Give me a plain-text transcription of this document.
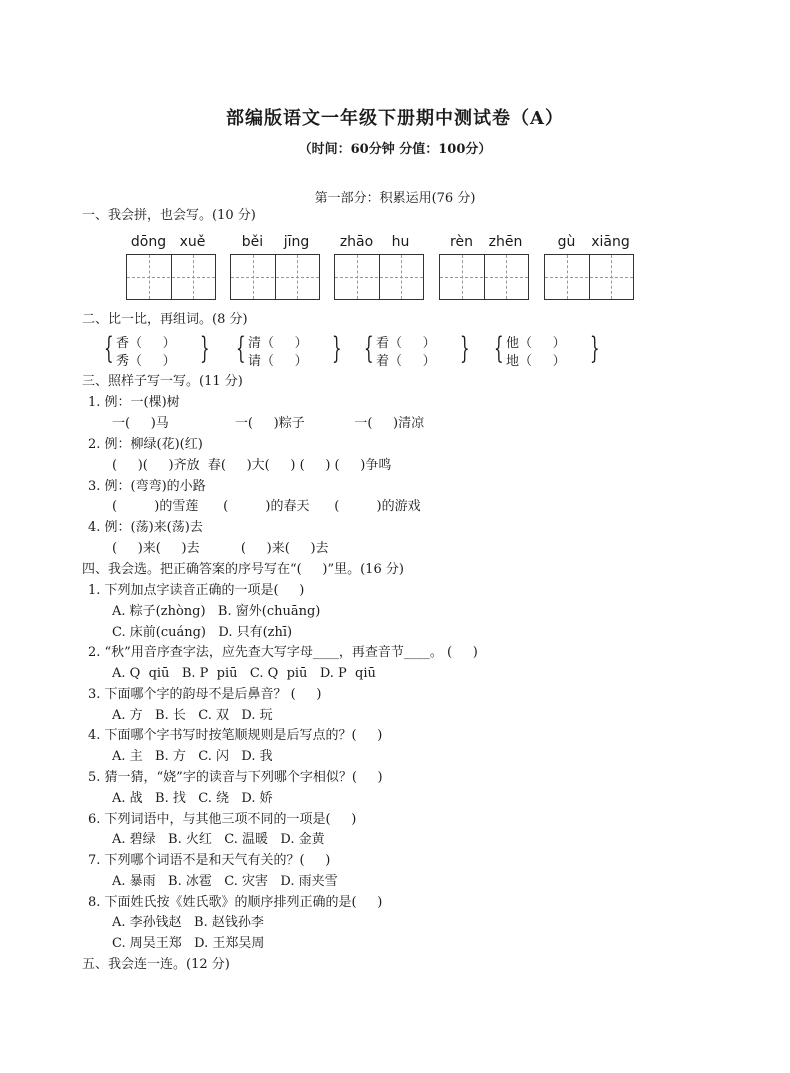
部编版语文一年级下册期中测试卷（A）
（时间：60分钟 分值：100分）
第一部分：积累运用(76 分)
一、我会拼，也会写。(10 分)
dōng xuě	běi	jīng	zhāo	hu	rèn	zhēn	gù	xiāng
二、比一比，再组词。(8 分)
{ 香（     ）
秀（     ） } { 清（     ）
请（     ） } { 看（     ）
着（     ） } { 他（     ）
地（     ） }
三、照样子写一写。(11 分)
1. 例：一(棵)树
一(     )马                一(     )粽子            一(     )清凉
2. 例：柳绿(花)(红)
(     )(     )齐放  春(     )大(     ) (     ) (     )争鸣
3. 例：(弯弯)的小路
(         )的雪莲      (         )的春天      (         )的游戏
4. 例：(荡)来(荡)去
(     )来(     )去          (     )来(     )去
四、我会选。把正确答案的序号写在“(     )”里。(16 分)
1. 下列加点字读音正确的一项是(     )
A. 粽子(zhòng)   B. 窗外(chuāng)
C. 床前(cuáng)   D. 只有(zhī)
2. “秋”用音序查字法，应先查大写字母____，再查音节____。 (     )
A. Q  qiū   B. P  piū   C. Q  piū   D. P  qiū
3. 下面哪个字的韵母不是后鼻音？ (     )
A. 方   B. 长   C. 双   D. 玩
4. 下面哪个字书写时按笔顺规则是后写点的？(     )
A. 主   B. 方   C. 闪   D. 我
5. 猜一猜，“娆”字的读音与下列哪个字相似？(     )
A. 战   B. 找   C. 绕   D. 娇
6. 下列词语中，与其他三项不同的一项是(     )
A. 碧绿   B. 火红   C. 温暖   D. 金黄
7. 下列哪个词语不是和天气有关的？(     )
A. 暴雨   B. 冰雹   C. 灾害   D. 雨夹雪
8. 下面姓氏按《姓氏歌》的顺序排列正确的是(     )
A. 李孙钱赵   B. 赵钱孙李
C. 周吴王郑   D. 王郑吴周
五、我会连一连。(12 分)
